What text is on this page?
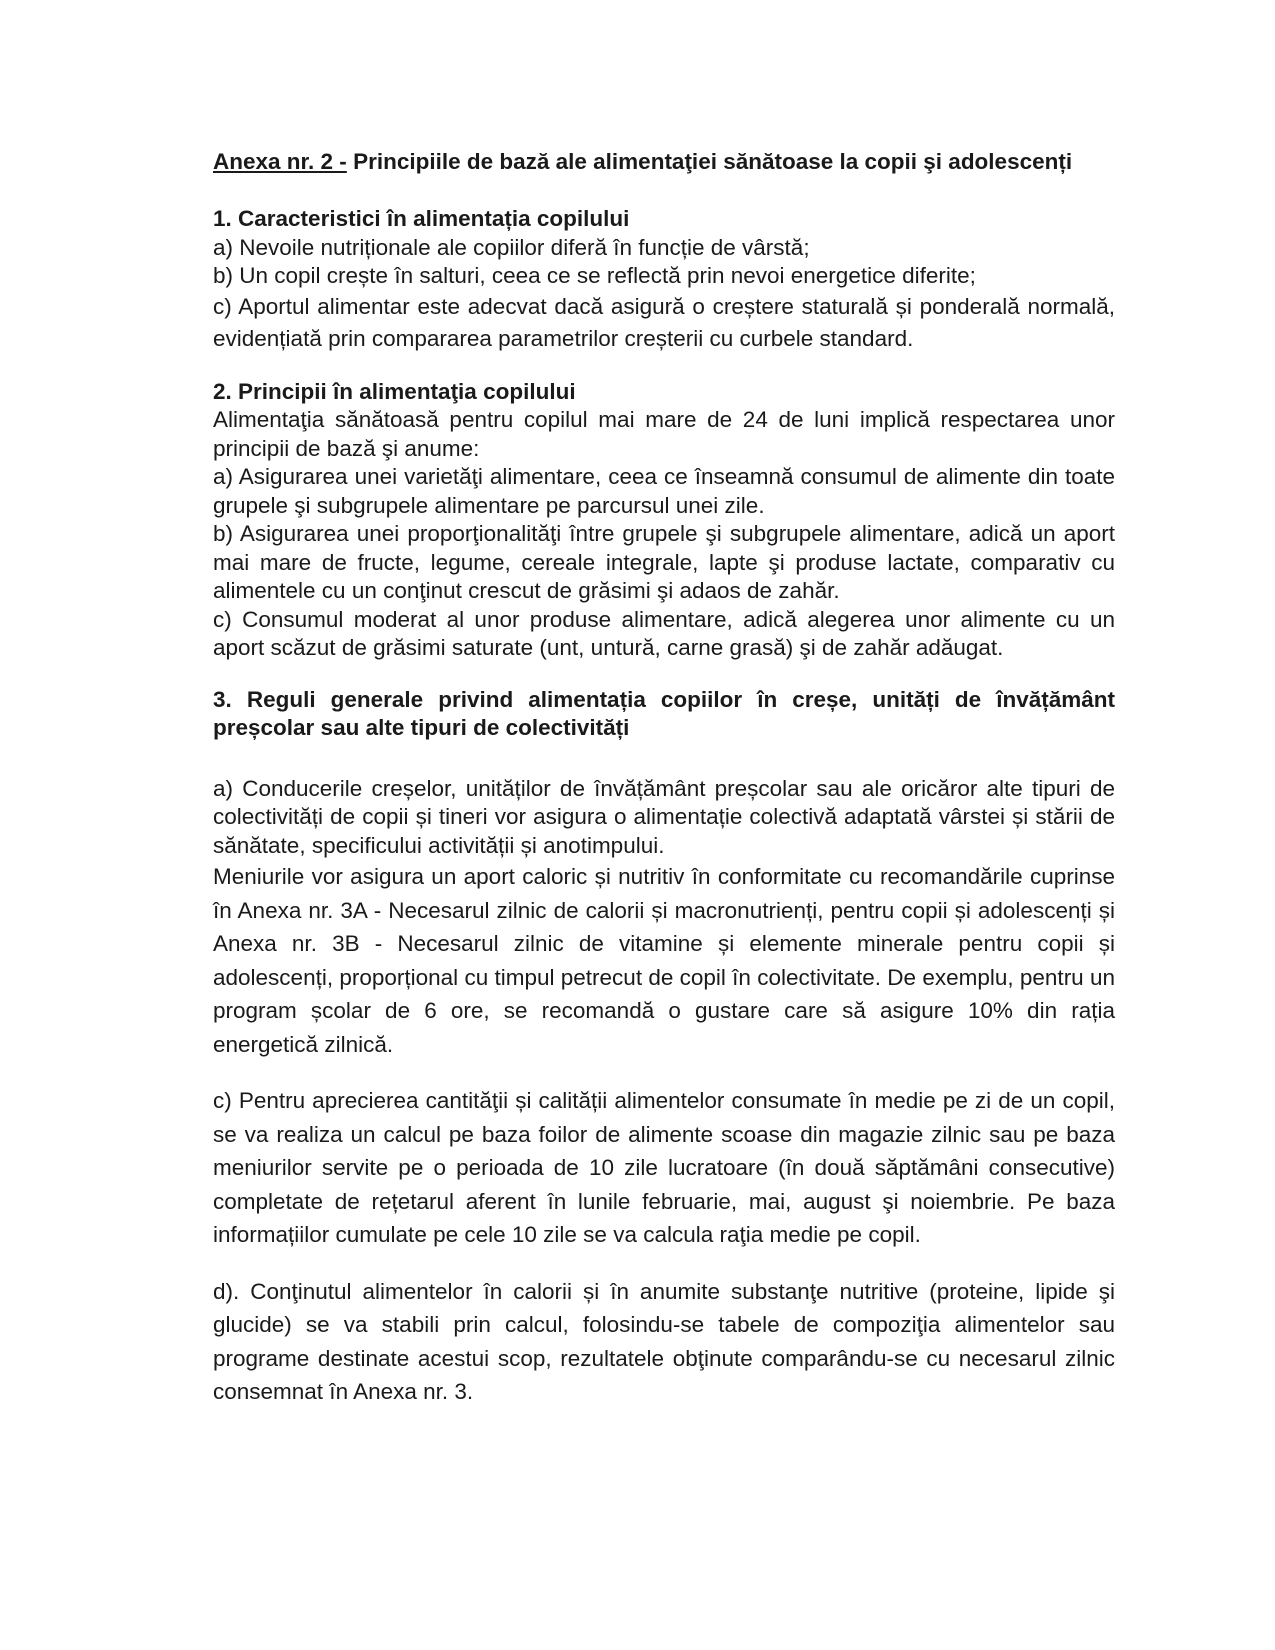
Anexa nr. 2 - Principiile de bază ale alimentaţiei sănătoase la copii şi adolescenți

1. Caracteristici în alimentația copilului

a) Nevoile nutriționale ale copiilor diferă în funcție de vârstă;

b) Un copil crește în salturi, ceea ce se reflectă prin nevoi energetice diferite;

c) Aportul alimentar este adecvat dacă asigură o creștere staturală și ponderală normală, evidențiată prin compararea parametrilor creșterii cu curbele standard.

2. Principii în alimentaţia copilului

Alimentaţia sănătoasă pentru copilul mai mare de 24 de luni implică respectarea unor principii de bază şi anume:

a) Asigurarea unei varietăţi alimentare, ceea ce înseamnă consumul de alimente din toate grupele şi subgrupele alimentare pe parcursul unei zile.

b) Asigurarea unei proporţionalităţi între grupele şi subgrupele alimentare, adică un aport mai mare de fructe, legume, cereale integrale, lapte şi produse lactate, comparativ cu alimentele cu un conţinut crescut de grăsimi şi adaos de zahăr.

c) Consumul moderat al unor produse alimentare, adică alegerea unor alimente cu un aport scăzut de grăsimi saturate (unt, untură, carne grasă) şi de zahăr adăugat.

3. Reguli generale privind alimentația copiilor în creșe, unități de învățământ preșcolar sau alte tipuri de colectivități

a) Conducerile creșelor, unităților de învățământ preșcolar sau ale oricăror alte tipuri de colectivități de copii și tineri vor asigura o alimentație colectivă adaptată vârstei și stării de sănătate, specificului activității și anotimpului.

Meniurile vor asigura un aport caloric și nutritiv în conformitate cu recomandările cuprinse în Anexa nr. 3A - Necesarul zilnic de calorii și macronutrienți, pentru copii și adolescenți și Anexa nr. 3B - Necesarul zilnic de vitamine și elemente minerale pentru copii și adolescenți, proporțional cu timpul petrecut de copil în colectivitate. De exemplu, pentru un program școlar de 6 ore, se recomandă o gustare care să asigure 10% din rația energetică zilnică.

c) Pentru aprecierea cantităţii și calității alimentelor consumate în medie pe zi de un copil, se va realiza un calcul pe baza foilor de alimente scoase din magazie zilnic sau pe baza meniurilor servite pe o perioada de 10 zile lucratoare (în două săptămâni consecutive) completate de rețetarul aferent în lunile februarie, mai, august şi noiembrie. Pe baza informațiilor cumulate pe cele 10 zile se va calcula raţia medie pe copil.

d). Conţinutul alimentelor în calorii și în anumite substanţe nutritive (proteine, lipide şi glucide) se va stabili prin calcul, folosindu-se tabele de compoziţia alimentelor sau programe destinate acestui scop, rezultatele obţinute comparându-se cu necesarul zilnic consemnat în Anexa nr. 3.
